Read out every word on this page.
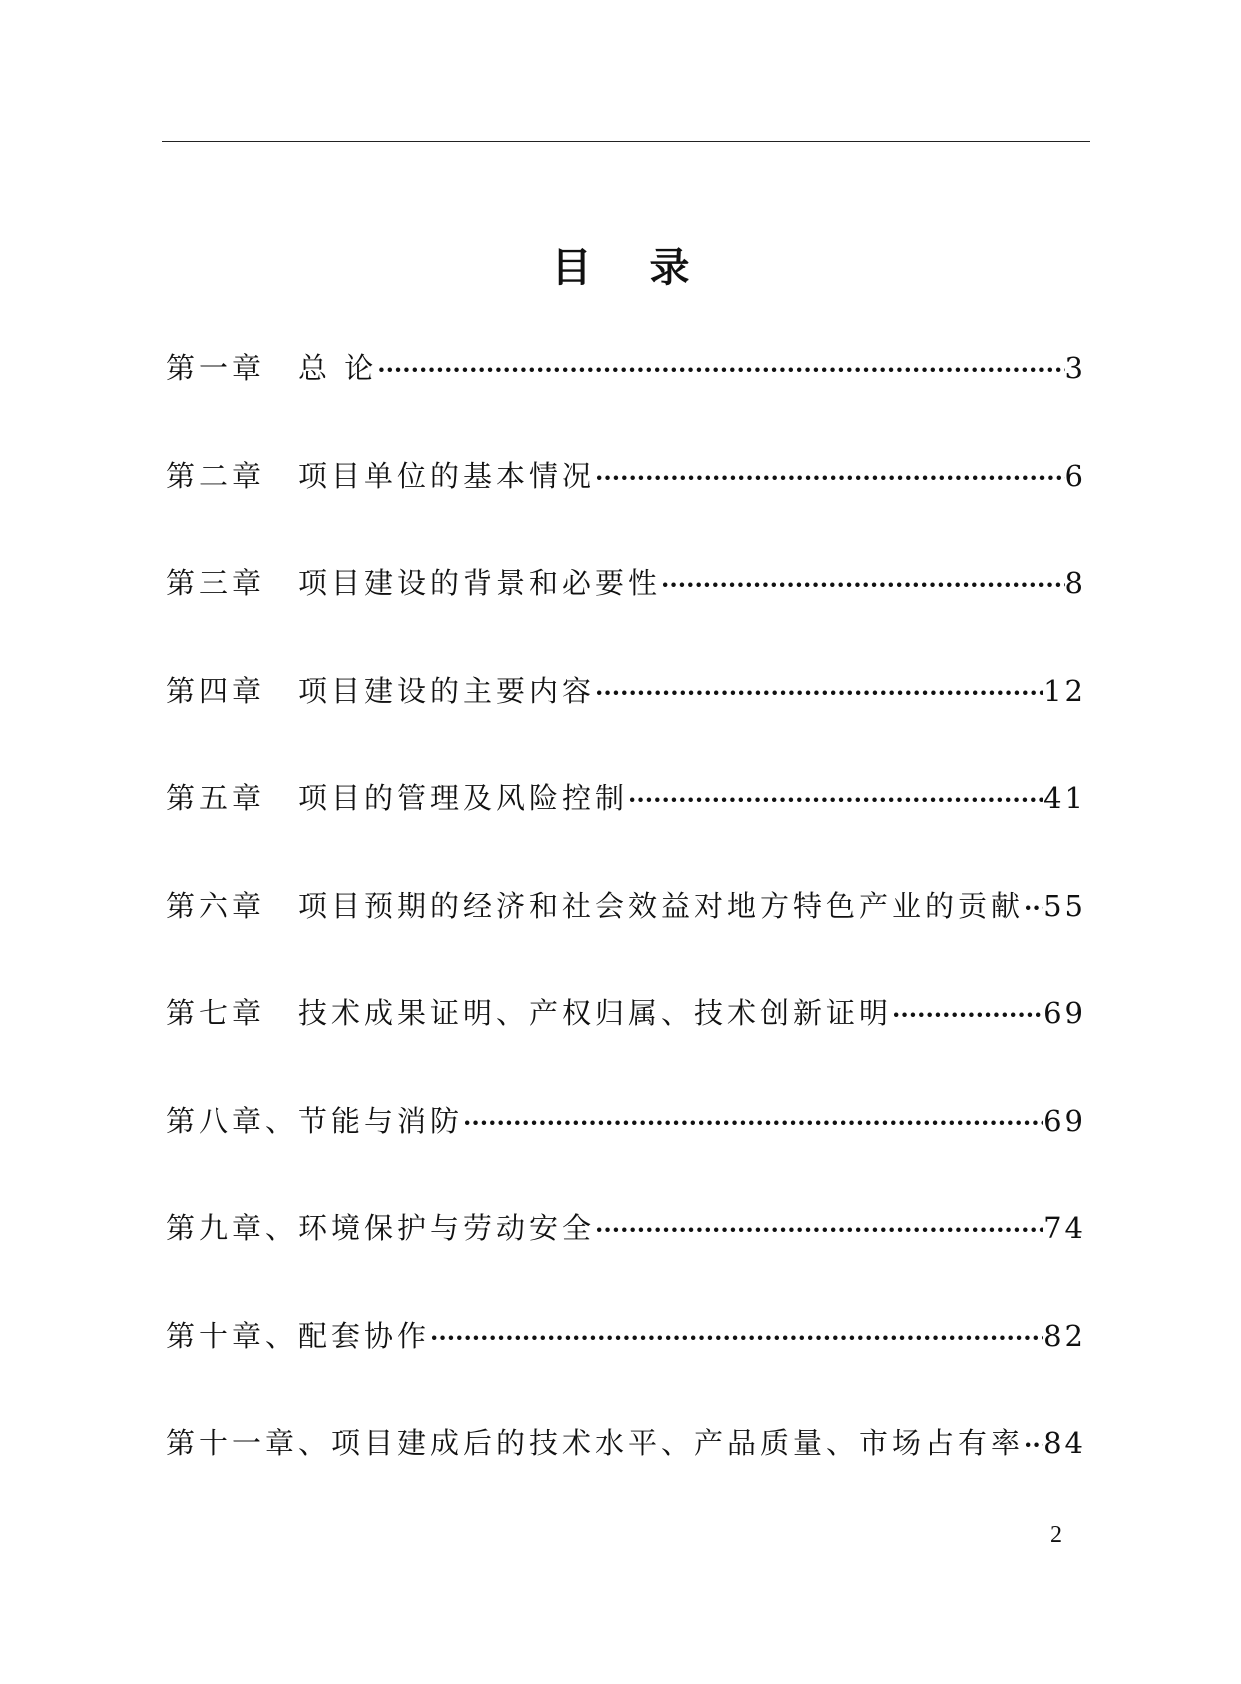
目录
第一章　总 论 ·····	3
第二章　项目单位的基本情况 ·····	6
第三章　项目建设的背景和必要性 ·····	8
第四章　项目建设的主要内容 ·····	12
第五章　项目的管理及风险控制 ·····	41
第六章　项目预期的经济和社会效益对地方特色产业的贡献 ····· 55
第七章　技术成果证明、产权归属、技术创新证明 ·····	69
第八章、节能与消防 ·····	69
第九章、环境保护与劳动安全 ·····	74
第十章、配套协作 ·····	82
第十一章、项目建成后的技术水平、产品质量、市场占有率 ····· 84
2
